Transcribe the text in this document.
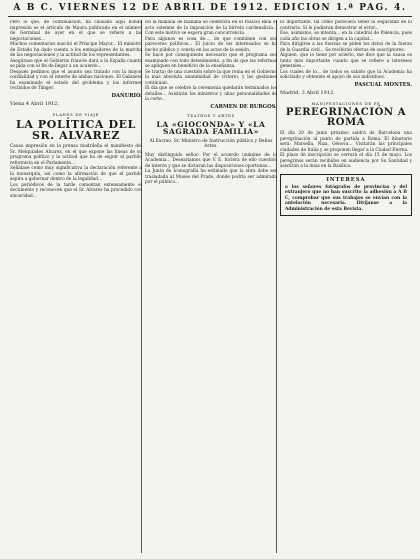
A B C. VIERNES 12 DE ABRIL DE 1912. EDICION 1.ª PAG. 4.

Pero lo que, de continuación, ha causado aquí honda impresión es el artículo de Maura publicado en el número de Germinal de ayer en el que se refiere a las negociaciones...

Muchos comentarios suscitó el Príncipe Mayor... El ministro de Estado ha dado cuenta a los embajadores de la marcha de las negociaciones y la actitud de los representantes.

Asegúrase que el Gobierno francés dará a la España cuanto se pida con el fin de llegar a un acuerdo...

Después pedimos que el asunto sea tratado con la mayor cordialidad y con el interés de ambas naciones. El Gabinete ha examinado el estado del problema y los informes recibidos de Tánger.

DANURIO.
Viena 4 Abril 1912.
PLANES DE VIAJE
LA POLÍTICA DEL SR. ALVAREZ

Causa impresión en la prensa madrileña el manifiesto del Sr. Melquíades Alvarez, en el que expone las líneas de su programa político y la actitud que ha de seguir el partido reformista en el Parlamento...

Señálase como muy significativa la declaración referente a la monarquía, así como la afirmación de que el partido aspira a gobernar dentro de la legalidad...

Los periódicos de la tarde comentan extensamente el documento y reconocen que el Sr. Alvarez ha procedido con sinceridad...

En la mañana de mañana se celebrará en el Palacio Real el acto solemne de la imposición de la birreta cardenalicia... Con este motivo se espera gran concurrencia.

Para algunos es cosa de..., de que combinen con sus pareceres políticos... El juicio de los interesados se ha hecho público y consta en las actas de la sesión.

Se hace por consiguiente necesario que el programa sea examinado con todo detenimiento, a fin de que las reformas se apliquen en beneficio de la enseñanza.

Se tra(ta) de una cuestión sobre la que reina en el Gobierno la más absoluta unanimidad de criterio, y las gestiones continúan.

El día que se celebre la ceremonia quedarán terminados los detalles... Asistirán los ministros y altas personalidades de la corte...

CARMEN DE BURGOS.
TEATROS Y ARTES
LA «GIOCONDA» Y «LA SAGRADA FAMILIA»
Al Excmo. Sr. Ministro de Instrucción pública y Bellas Artes.

Muy distinguido señor: Por el acuerdo unánime de la Academia... Desearíamos que V. E. hiciera de ello cuestión de interés y que se dictaran las disposiciones oportunas...

La Junta de Iconografía ha estimado que la obra debe ser trasladada al Museo del Prado, donde podría ser admirada por el público...

El importante, tal como pareciera tener la seguridad de lo contrario. Si le pudieran demostrar el error...

Ese, asimismo, se intenta... en la catedral de Palencia, pues cada año las obras se dirigen a la capital...

Para dirigirse a las fuerzas se piden los datos de la fuerza de la Guardia civil... Se recibirán ofertas de suscriptores.

Alguien, que lo tiene por acierto, me dice que la causa es tanto más importante cuanto que se refiere a intereses generales...

Los cuales de lo... de todos es sabido que la Academia ha solicitado y obtenido el apoyo de sus individuos.

PASCUAL MONTES.
Madrid, 3 Abril 1912.
MANIFESTACIONES DE FE
PEREGRINACIÓN A ROMA

El día 20 de junio próximo saldrá de Barcelona una peregrinación al punto de partida a Roma. El itinerario será: Marsella, Niza, Génova... Visitarán las principales ciudades de Italia y se proponen llegar a la Ciudad Eterna.

El plazo de inscripción se cerrará el día 15 de mayo. Los peregrinos serán recibidos en audiencia por Su Santidad y asistirán a la misa en la Basílica.

INTERESA
a los señores fotógrafos de provincias y del extranjero que no han suscrito la adhesión a A B C, comprobar que sus trabajos se envían con la antelación necesaria. Diríjanse a la Administración de esta Revista.
